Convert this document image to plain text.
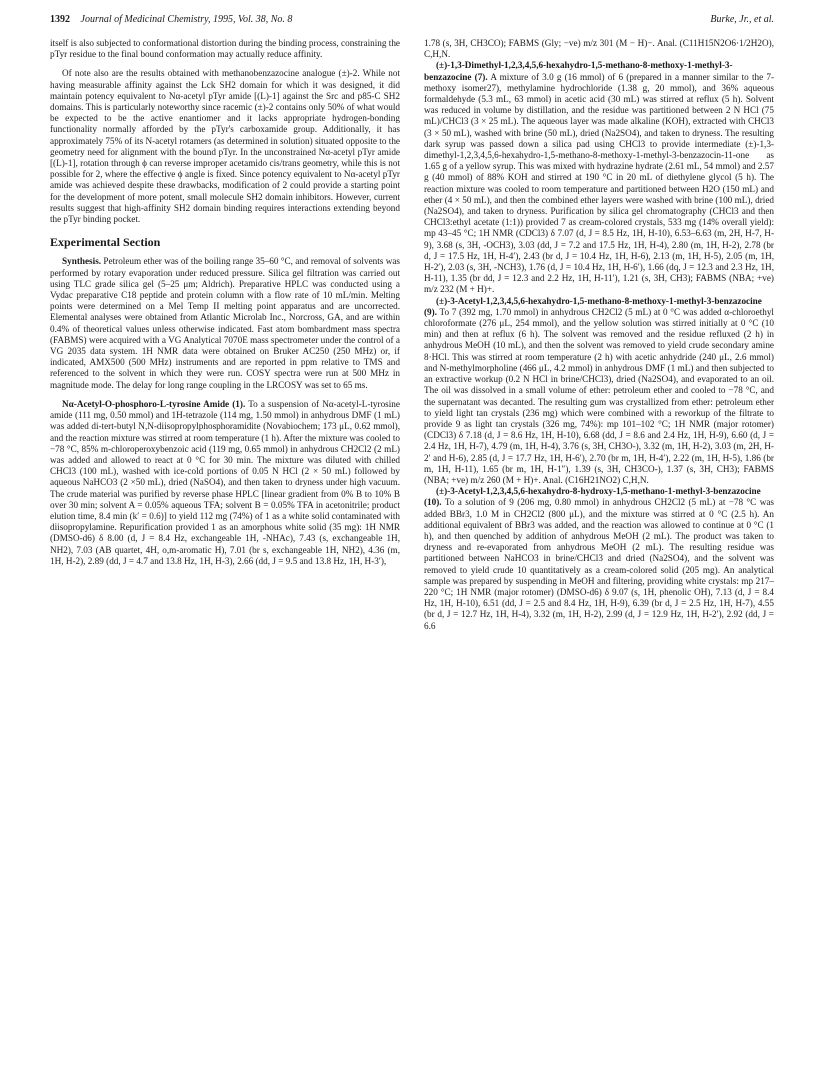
1392 Journal of Medicinal Chemistry, 1995, Vol. 38, No. 8	Burke, Jr., et al.

itself is also subjected to conformational distortion during the binding process, constraining the pTyr residue to the final bound conformation may actually reduce affinity.

Of note also are the results obtained with methanobenzazocine analogue (±)-2. While not having measurable affinity against the Lck SH2 domain for which it was designed, it did maintain potency equivalent to Nα-acetyl pTyr amide [(L)-1] against the Src and p85-C SH2 domains. This is particularly noteworthy since racemic (±)-2 contains only 50% of what would be expected to be the active enantiomer and it lacks appropriate hydrogen-bonding functionality normally afforded by the pTyr's carboxamide group. Additionally, it has approximately 75% of its N-acetyl rotamers (as determined in solution) situated opposite to the geometry need for alignment with the bound pTyr. In the unconstrained Nα-acetyl pTyr amide [(L)-1], rotation through ϕ can reverse improper acetamido cis/trans geometry, while this is not possible for 2, where the effective ϕ angle is fixed. Since potency equivalent to Nα-acetyl pTyr amide was achieved despite these drawbacks, modification of 2 could provide a starting point for the development of more potent, small molecule SH2 domain inhibitors. However, current results suggest that high-affinity SH2 domain binding requires interactions extending beyond the pTyr binding pocket.

Experimental Section

Synthesis. Petroleum ether was of the boiling range 35–60 °C, and removal of solvents was performed by rotary evaporation under reduced pressure. Silica gel filtration was carried out using TLC grade silica gel (5–25 μm; Aldrich). Preparative HPLC was conducted using a Vydac preparative C18 peptide and protein column with a flow rate of 10 mL/min. Melting points were determined on a Mel Temp II melting point apparatus and are uncorrected. Elemental analyses were obtained from Atlantic Microlab Inc., Norcross, GA, and are within 0.4% of theoretical values unless otherwise indicated. Fast atom bombardment mass spectra (FABMS) were acquired with a VG Analytical 7070E mass spectrometer under the control of a VG 2035 data system. 1H NMR data were obtained on Bruker AC250 (250 MHz) or, if indicated, AMX500 (500 MHz) instruments and are reported in ppm relative to TMS and referenced to the solvent in which they were run. COSY spectra were run at 500 MHz in magnitude mode. The delay for long range coupling in the LRCOSY was set to 65 ms.

Nα-Acetyl-O-phosphoro-L-tyrosine Amide (1). To a suspension of Nα-acetyl-L-tyrosine amide (111 mg, 0.50 mmol) and 1H-tetrazole (114 mg, 1.50 mmol) in anhydrous DMF (1 mL) was added di-tert-butyl N,N-diisopropylphosphoramidite (Novabiochem; 173 μL, 0.62 mmol), and the reaction mixture was stirred at room temperature (1 h). After the mixture was cooled to −78 °C, 85% m-chloroperoxybenzoic acid (119 mg, 0.65 mmol) in anhydrous CH2Cl2 (2 mL) was added and allowed to react at 0 °C for 30 min. The mixture was diluted with chilled CHCl3 (100 mL), washed with ice-cold portions of 0.05 N HCl (2 × 50 mL) followed by aqueous NaHCO3 (2 ×50 mL), dried (NaSO4), and then taken to dryness under high vacuum. The crude material was purified by reverse phase HPLC [linear gradient from 0% B to 10% B over 30 min; solvent A = 0.05% aqueous TFA; solvent B = 0.05% TFA in acetonitrile; product elution time, 8.4 min (k′ = 0.6)] to yield 112 mg (74%) of 1 as a white solid contaminated with diisopropylamine. Repurification provided 1 as an amorphous white solid (35 mg): 1H NMR (DMSO-d6) δ 8.00 (d, J = 8.4 Hz, exchangeable 1H, -NHAc), 7.43 (s, exchangeable 1H, NH2), 7.03 (AB quartet, 4H, o,m-aromatic H), 7.01 (br s, exchangeable 1H, NH2), 4.36 (m, 1H, H-2), 2.89 (dd, J = 4.7 and 13.8 Hz, 1H, H-3), 2.66 (dd, J = 9.5 and 13.8 Hz, 1H, H-3′),

1.78 (s, 3H, CH3CO); FABMS (Gly; −ve) m/z 301 (M − H)−. Anal. (C11H15N2O6·1/2H2O), C,H,N.

(±)-1,3-Dimethyl-1,2,3,4,5,6-hexahydro-1,5-methano-8-methoxy-1-methyl-3-benzazocine (7). A mixture of 3.0 g (16 mmol) of 6 (prepared in a manner similar to the 7-methoxy isomer27), methylamine hydrochloride (1.38 g, 20 mmol), and 36% aqueous formaldehyde (5.3 mL, 63 mmol) in acetic acid (30 mL) was stirred at reflux (5 h). Solvent was reduced in volume by distillation, and the residue was partitioned between 2 N HCl (75 mL)/CHCl3 (3 × 25 mL). The aqueous layer was made alkaline (KOH), extracted with CHCl3 (3 × 50 mL), washed with brine (50 mL), dried (Na2SO4), and taken to dryness. The resulting dark syrup was passed down a silica pad using CHCl3 to provide intermediate (±)-1,3-dimethyl-1,2,3,4,5,6-hexahydro-1,5-methano-8-methoxy-1-methyl-3-benzazocin-11-one as 1.65 g of a yellow syrup. This was mixed with hydrazine hydrate (2.61 mL, 54 mmol) and 2.57 g (40 mmol) of 88% KOH and stirred at 190 °C in 20 mL of diethylene glycol (5 h). The reaction mixture was cooled to room temperature and partitioned between H2O (150 mL) and ether (4 × 50 mL), and then the combined ether layers were washed with brine (100 mL), dried (Na2SO4), and taken to dryness. Purification by silica gel chromatography (CHCl3 and then CHCl3:ethyl acetate (1:1)) provided 7 as cream-colored crystals, 533 mg (14% overall yield): mp 43–45 °C; 1H NMR (CDCl3) δ 7.07 (d, J = 8.5 Hz, 1H, H-10), 6.53–6.63 (m, 2H, H-7, H-9), 3.68 (s, 3H, -OCH3), 3.03 (dd, J = 7.2 and 17.5 Hz, 1H, H-4), 2.80 (m, 1H, H-2), 2.78 (br d, J = 17.5 Hz, 1H, H-4′), 2.43 (br d, J = 10.4 Hz, 1H, H-6), 2.13 (m, 1H, H-5), 2.05 (m, 1H, H-2′), 2.03 (s, 3H, -NCH3), 1.76 (d, J = 10.4 Hz, 1H, H-6′), 1.66 (dq, J = 12.3 and 2.3 Hz, 1H, H-11), 1.35 (br dd, J = 12.3 and 2.2 Hz, 1H, H-11′), 1.21 (s, 3H, CH3); FABMS (NBA; +ve) m/z 232 (M + H)+.

(±)-3-Acetyl-1,2,3,4,5,6-hexahydro-1,5-methano-8-methoxy-1-methyl-3-benzazocine (9). To 7 (392 mg, 1.70 mmol) in anhydrous CH2Cl2 (5 mL) at 0 °C was added α-chloroethyl chloroformate (276 μL, 254 mmol), and the yellow solution was stirred initially at 0 °C (10 min) and then at reflux (6 h). The solvent was removed and the residue refluxed (2 h) in anhydrous MeOH (10 mL), and then the solvent was removed to yield crude secondary amine 8·HCl. This was stirred at room temperature (2 h) with acetic anhydride (240 μL, 2.6 mmol) and N-methylmorpholine (466 μL, 4.2 mmol) in anhydrous DMF (1 mL) and then subjected to an extractive workup (0.2 N HCl in brine/CHCl3), dried (Na2SO4), and evaporated to an oil. The oil was dissolved in a small volume of ether: petroleum ether and cooled to −78 °C, and the supernatant was decanted. The resulting gum was crystallized from ether: petroleum ether to yield light tan crystals (236 mg) which were combined with a reworkup of the filtrate to provide 9 as light tan crystals (326 mg, 74%): mp 101–102 °C; 1H NMR (major rotomer) (CDCl3) δ 7.18 (d, J = 8.6 Hz, 1H, H-10), 6.68 (dd, J = 8.6 and 2.4 Hz, 1H, H-9), 6.60 (d, J = 2.4 Hz, 1H, H-7), 4.79 (m, 1H, H-4), 3.76 (s, 3H, CH3O-), 3.32 (m, 1H, H-2), 3.03 (m, 2H, H-2′ and H-6), 2.85 (d, J = 17.7 Hz, 1H, H-6′), 2.70 (br m, 1H, H-4′), 2.22 (m, 1H, H-5), 1.86 (br m, 1H, H-11), 1.65 (br m, 1H, H-1″), 1.39 (s, 3H, CH3CO-), 1.37 (s, 3H, CH3); FABMS (NBA; +ve) m/z 260 (M + H)+. Anal. (C16H21NO2) C,H,N.

(±)-3-Acetyl-1,2,3,4,5,6-hexahydro-8-hydroxy-1,5-methano-1-methyl-3-benzazocine (10). To a solution of 9 (206 mg, 0.80 mmol) in anhydrous CH2Cl2 (5 mL) at −78 °C was added BBr3, 1.0 M in CH2Cl2 (800 μL), and the mixture was stirred at 0 °C (2.5 h). An additional equivalent of BBr3 was added, and the reaction was allowed to continue at 0 °C (1 h), and then quenched by addition of anhydrous MeOH (2 mL). The product was taken to dryness and re-evaporated from anhydrous MeOH (2 mL). The resulting residue was partitioned between NaHCO3 in brine/CHCl3 and dried (Na2SO4), and the solvent was removed to yield crude 10 quantitatively as a cream-colored solid (205 mg). An analytical sample was prepared by suspending in MeOH and filtering, providing white crystals: mp 217–220 °C; 1H NMR (major rotomer) (DMSO-d6) δ 9.07 (s, 1H, phenolic OH), 7.13 (d, J = 8.4 Hz, 1H, H-10), 6.51 (dd, J = 2.5 and 8.4 Hz, 1H, H-9), 6.39 (br d, J = 2.5 Hz, 1H, H-7), 4.55 (br d, J = 12.7 Hz, 1H, H-4), 3.32 (m, 1H, H-2), 2.99 (d, J = 12.9 Hz, 1H, H-2′), 2.92 (dd, J = 6.6
